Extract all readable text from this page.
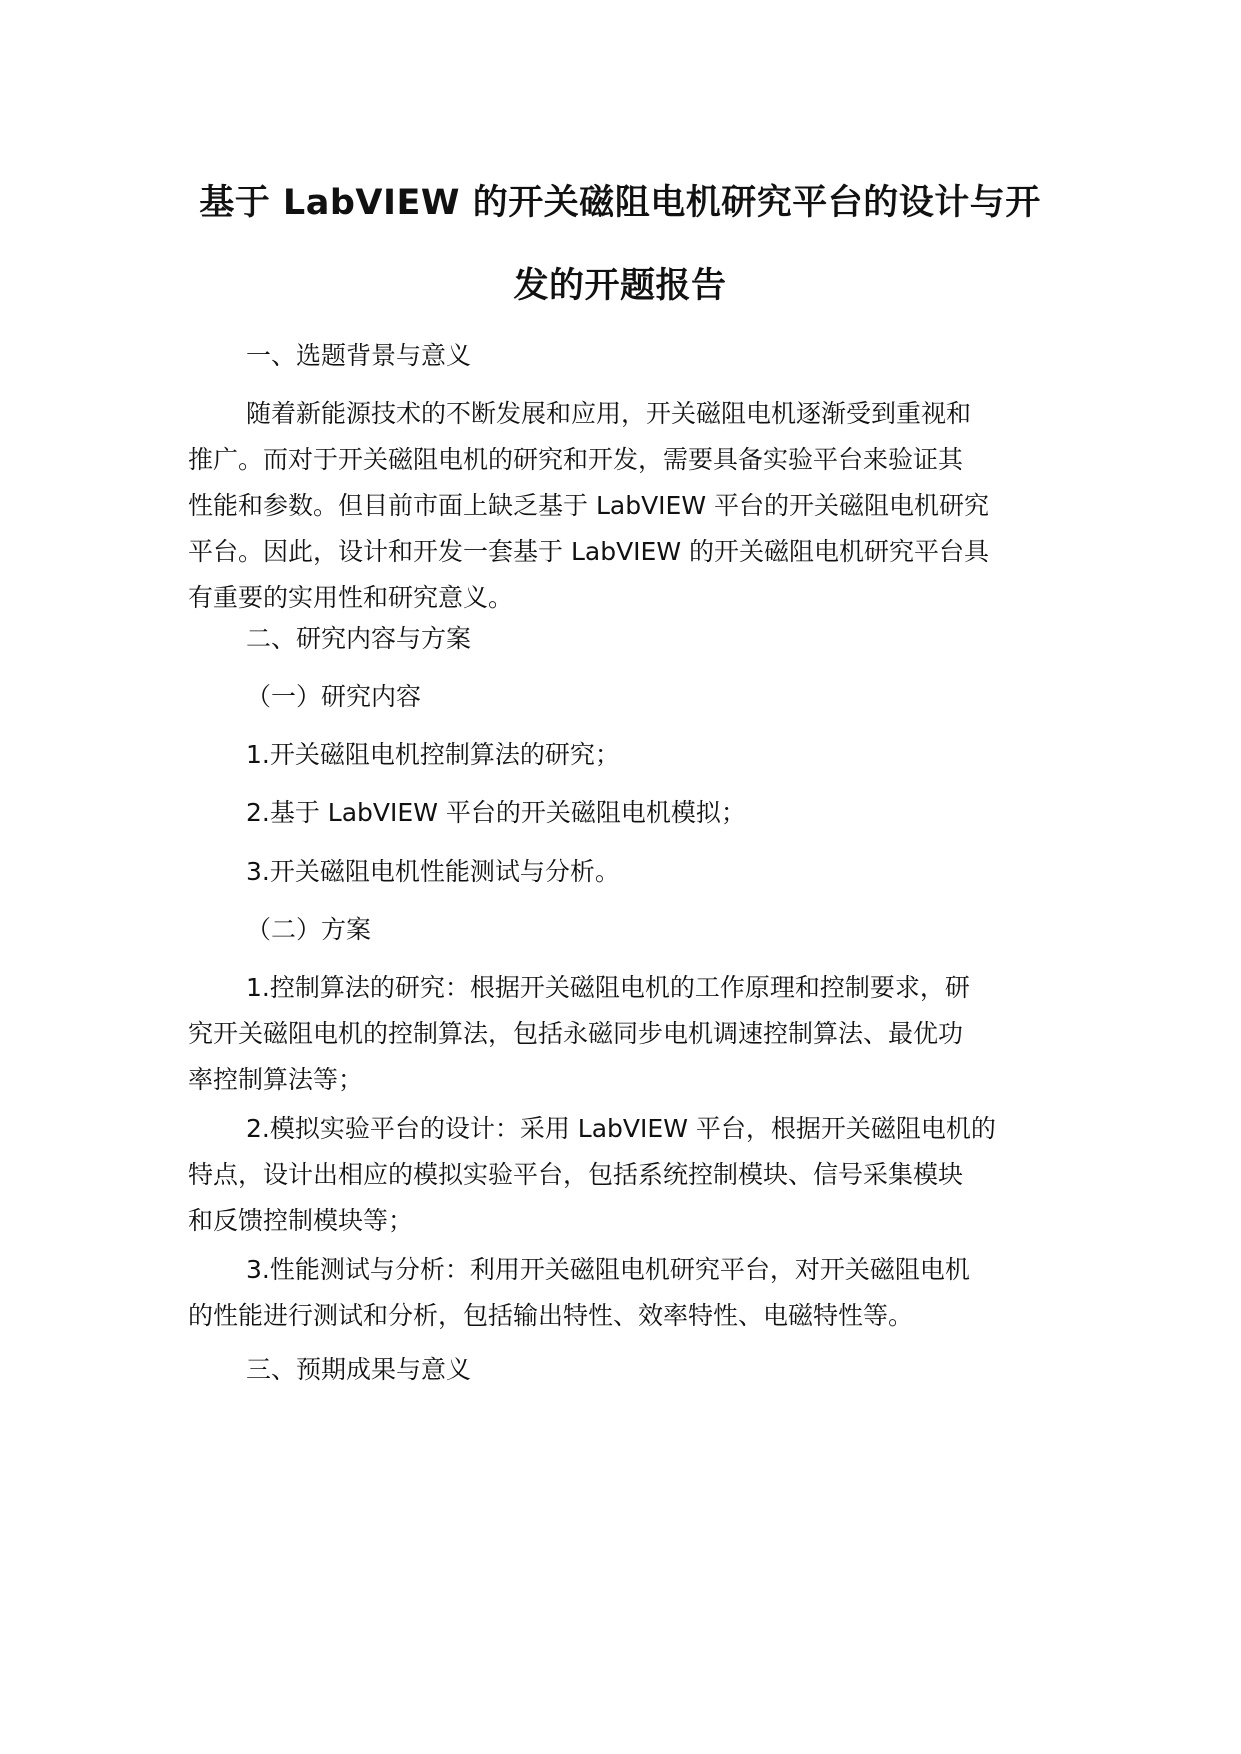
基于 LabVIEW 的开关磁阻电机研究平台的设计与开
发的开题报告
一、选题背景与意义
随着新能源技术的不断发展和应用，开关磁阻电机逐渐受到重视和
推广。而对于开关磁阻电机的研究和开发，需要具备实验平台来验证其
性能和参数。但目前市面上缺乏基于 LabVIEW 平台的开关磁阻电机研究
平台。因此，设计和开发一套基于 LabVIEW 的开关磁阻电机研究平台具
有重要的实用性和研究意义。
二、研究内容与方案
（一）研究内容
1.开关磁阻电机控制算法的研究；
2.基于 LabVIEW 平台的开关磁阻电机模拟；
3.开关磁阻电机性能测试与分析。
（二）方案
1.控制算法的研究：根据开关磁阻电机的工作原理和控制要求，研
究开关磁阻电机的控制算法，包括永磁同步电机调速控制算法、最优功
率控制算法等；
2.模拟实验平台的设计：采用 LabVIEW 平台，根据开关磁阻电机的
特点，设计出相应的模拟实验平台，包括系统控制模块、信号采集模块
和反馈控制模块等；
3.性能测试与分析：利用开关磁阻电机研究平台，对开关磁阻电机
的性能进行测试和分析，包括输出特性、效率特性、电磁特性等。
三、预期成果与意义
